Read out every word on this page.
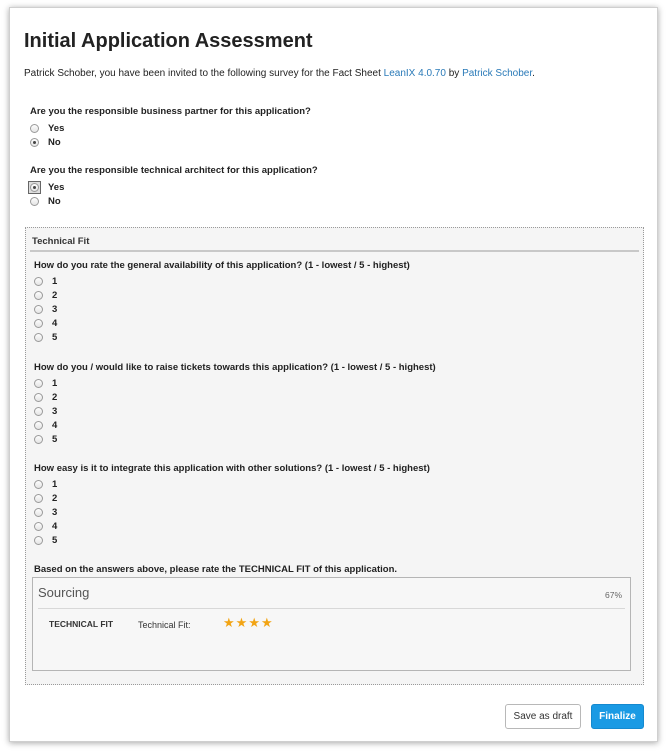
Initial Application Assessment
Patrick Schober, you have been invited to the following survey for the Fact Sheet LeanIX 4.0.70 by Patrick Schober.
Are you the responsible business partner for this application?
Yes
No
Are you the responsible technical architect for this application?
Yes
No
Technical Fit
How do you rate the general availability of this application? (1 - lowest / 5 - highest)
1
2
3
4
5
How do you / would like to raise tickets towards this application? (1 - lowest / 5 - highest)
1
2
3
4
5
How easy is it to integrate this application with other solutions? (1 - lowest / 5 - highest)
1
2
3
4
5
Based on the answers above, please rate the TECHNICAL FIT of this application.
Sourcing	67%
TECHNICAL FIT	Technical Fit: ★ ★ ★ ★
Save as draft	Finalize
